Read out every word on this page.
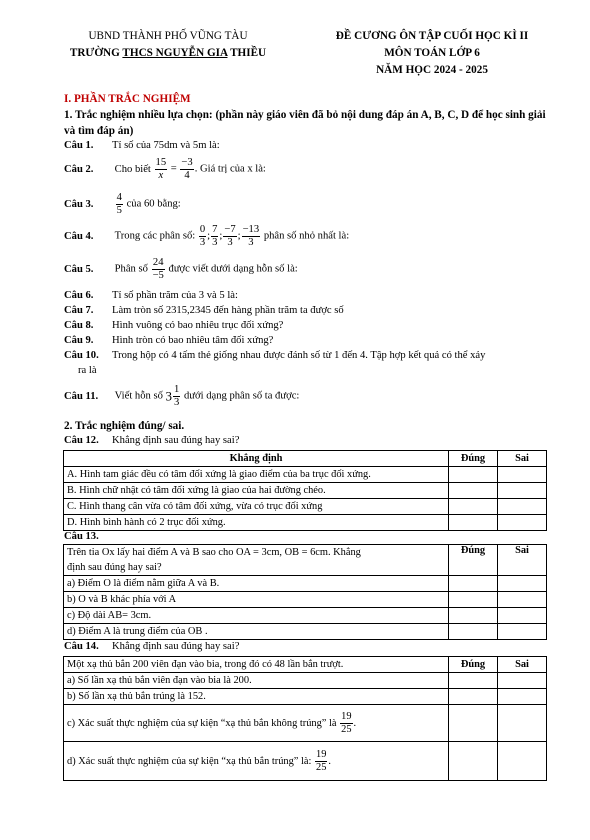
UBND THÀNH PHỐ VŨNG TÀU
TRƯỜNG THCS NGUYỄN GIA THIỀU
ĐỀ CƯƠNG ÔN TẬP CUỐI HỌC KÌ II
MÔN TOÁN LỚP 6
NĂM HỌC 2024 - 2025
I. PHẦN TRẮC NGHIỆM
1. Trắc nghiệm nhiều lựa chọn: (phần này giáo viên đã bỏ nội dung đáp án A, B, C, D để học sinh giải và tìm đáp án)
Câu 1. Tỉ số của 75dm và 5m là:
Câu 2. Cho biết $\frac{15}{x} = \frac{-3}{4}$ . Giá trị của x là:
Câu 3. $\frac{4}{5}$ của 60 bằng:
Câu 4. Trong các phân số: $\frac{0}{3}$ ; $\frac{7}{3}$ ; $\frac{-7}{3}$ ; $\frac{-13}{3}$ phân số nhỏ nhất là:
Câu 5. Phân số $\frac{24}{-5}$ được viết dưới dạng hỗn số là:
Câu 6. Tỉ số phần trăm của 3 và 5 là:
Câu 7. Làm tròn số 2315,2345 đến hàng phần trăm ta được số
Câu 8. Hình vuông có bao nhiêu trục đối xứng?
Câu 9. Hình tròn có bao nhiêu tâm đối xứng?
Câu 10. Trong hộp có 4 tấm thẻ giống nhau được đánh số từ 1 đến 4. Tập hợp kết quả có thể xảy
ra là
Câu 11. Viết hỗn số $3 \frac{1}{3}$ dưới dạng phân số ta được:
2. Trắc nghiệm đúng/ sai.
Câu 12. Khẳng định sau đúng hay sai?
Khẳng định	Đúng	Sai
A. Hình tam giác đều có tâm đối xứng là giao điểm của ba trục đối xứng.		
B. Hình chữ nhật có tâm đối xứng là giao của hai đường chéo.		
C. Hình thang cân vừa có tâm đối xứng, vừa có trục đối xứng		
D. Hình bình hành có 2 trục đối xứng.		
Câu 13.
Trên tia Ox lấy hai điểm A và B sao cho OA = 3cm, OB = 6cm. Khẳng
định sau đúng hay sai?	Đúng	Sai
a) Điểm O là điểm nằm giữa A và B.		
b) O và B khác phía với A		
c) Độ dài AB= 3cm.		
d) Điểm A là trung điểm của OB .		
Câu 14. Khẳng định sau đúng hay sai?
Một xạ thủ bắn 200 viên đạn vào bia, trong đó có 48 lần bắn trượt.	Đúng	Sai
a) Số lần xạ thủ bắn viên đạn vào bia là 200.		
b) Số lần xạ thủ bắn trúng là 152.		
c) Xác suất thực nghiệm của sự kiện “xạ thủ bắn không trúng” là $\frac{19}{25}$ .		
d) Xác suất thực nghiệm của sự kiện “xạ thủ bắn trúng” là: $\frac{19}{25}$ .		
